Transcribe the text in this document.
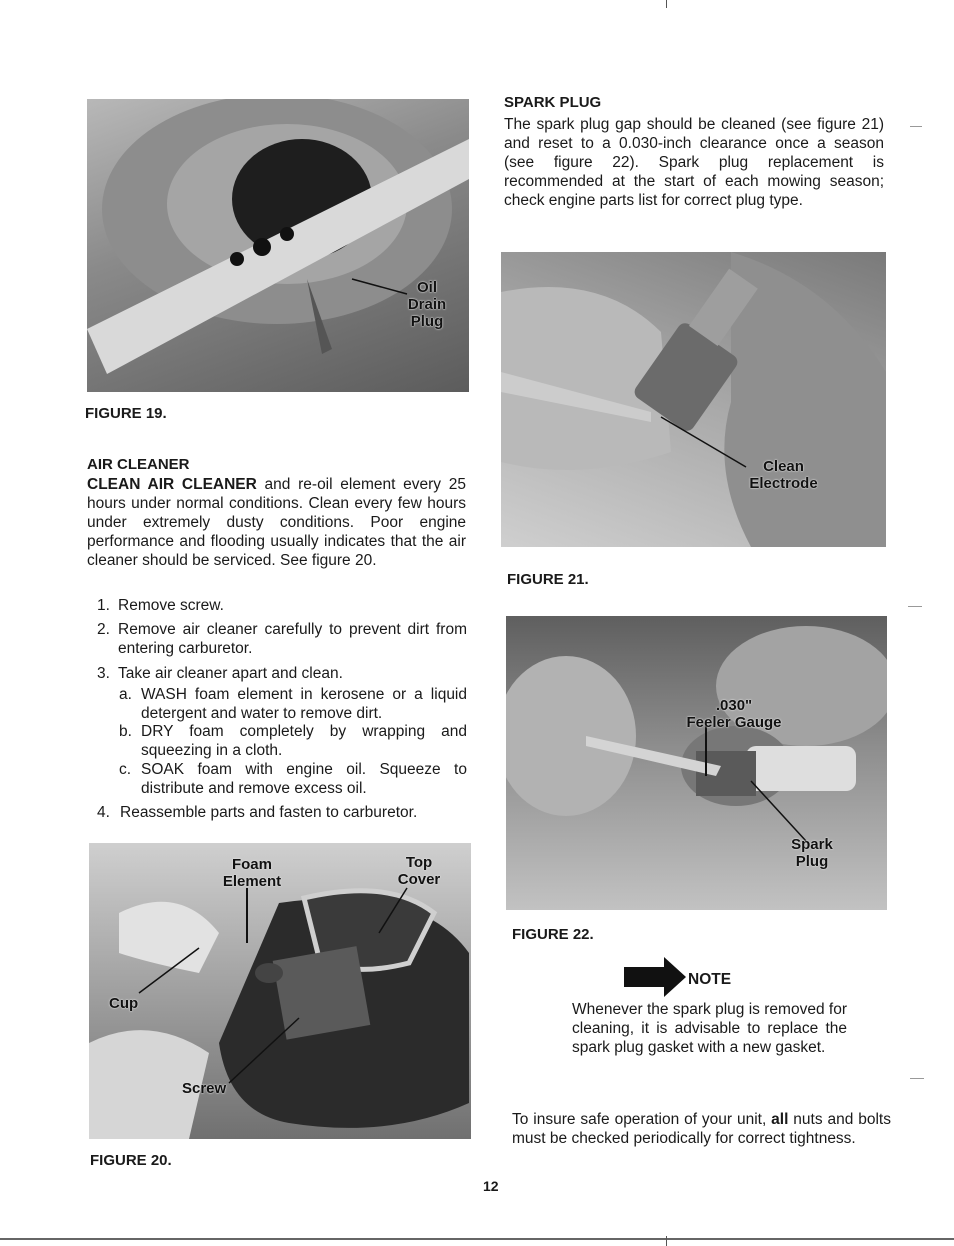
Oil
Drain
Plug
FIGURE 19.
AIR CLEANER
CLEAN AIR CLEANER and re-oil element every 25 hours under normal conditions. Clean every few hours under extremely dusty conditions. Poor engine performance and flooding usually indicates that the air cleaner should be serviced. See figure 20.
1. Remove screw.
2. Remove air cleaner carefully to prevent dirt from entering carburetor.
3. Take air cleaner apart and clean.
a. WASH foam element in kerosene or a liquid detergent and water to remove dirt.
b. DRY foam completely by wrapping and squeezing in a cloth.
c. SOAK foam with engine oil. Squeeze to distribute and remove excess oil.
4. Reassemble parts and fasten to carburetor.
Foam
Element
Top
Cover
Cup
Screw
FIGURE 20.
SPARK PLUG
The spark plug gap should be cleaned (see figure 21) and reset to a 0.030-inch clearance once a season (see figure 22). Spark plug replacement is recommended at the start of each mowing season; check engine parts list for correct plug type.
Clean
Electrode
FIGURE 21.
.030"
Feeler Gauge
Spark
Plug
FIGURE 22.
NOTE
Whenever the spark plug is removed for cleaning, it is advisable to replace the spark plug gasket with a new gasket.
To insure safe operation of your unit, all nuts and bolts must be checked periodically for correct tightness.
12
